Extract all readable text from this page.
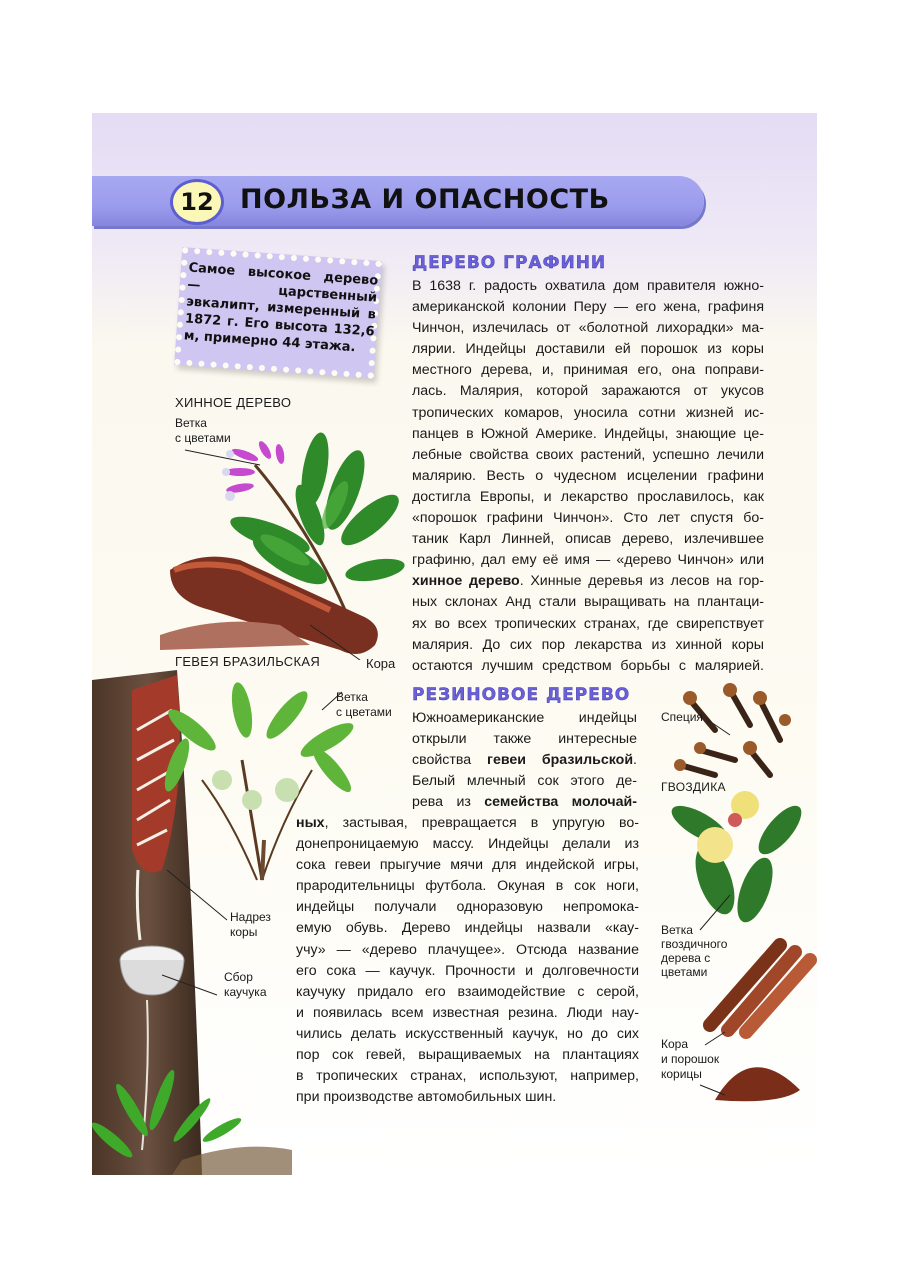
12 ПОЛЬЗА И ОПАСНОСТЬ
Самое высокое дерево — царственный эвкалипт, измеренный в 1872 г. Его высота 132,6 м, примерно 44 этажа.
ХИННОЕ ДЕРЕВО
Ветка
с цветами
ГЕВЕЯ БРАЗИЛЬСКАЯ	Кора
Ветка
с цветами
Надрез
коры
Сбор
каучука
ДЕРЕВО ГРАФИНИ
В 1638 г. радость охватила дом правителя южно-
американской колонии Перу — его жена, графиня
Чинчон, излечилась от «болотной лихорадки» ма-
лярии. Индейцы доставили ей порошок из коры
местного дерева, и, принимая его, она поправи-
лась. Малярия, которой заражаются от укусов
тропических комаров, уносила сотни жизней ис-
панцев в Южной Америке. Индейцы, знающие це-
лебные свойства своих растений, успешно лечили
малярию. Весть о чудесном исцелении графини
достигла Европы, и лекарство прославилось, как
«порошок графини Чинчон». Сто лет спустя бо-
таник Карл Линней, описав дерево, излечившее
графиню, дал ему её имя — «дерево Чинчон» или
хинное дерево. Хинные деревья из лесов на гор-
ных склонах Анд стали выращивать на плантаци-
ях во всех тропических странах, где свирепствует
малярия. До сих пор лекарства из хинной коры
остаются лучшим средством борьбы с малярией.
РЕЗИНОВОЕ ДЕРЕВО
Южноамериканские индейцы
открыли также интересные
свойства гевеи бразильской.
Белый млечный сок этого де-
рева из семейства молочай-
ных, застывая, превращается в упругую во-
донепроницаемую массу. Индейцы делали из
сока гевеи прыгучие мячи для индейской игры,
прародительницы футбола. Окуная в сок ноги,
индейцы получали одноразовую непромока-
емую обувь. Дерево индейцы назвали «кау-
учу» — «дерево плачущее». Отсюда название
его сока — каучук. Прочности и долговечности
каучуку придало его взаимодействие с серой,
и появилась всем известная резина. Люди нау-
чились делать искусственный каучук, но до сих
пор сок гевей, выращиваемых на плантациях
в тропических странах, используют, например,
при производстве автомобильных шин.
Специя
ГВОЗДИКА
Ветка
гвоздичного
дерева с
цветами
Кора
и порошок
корицы
